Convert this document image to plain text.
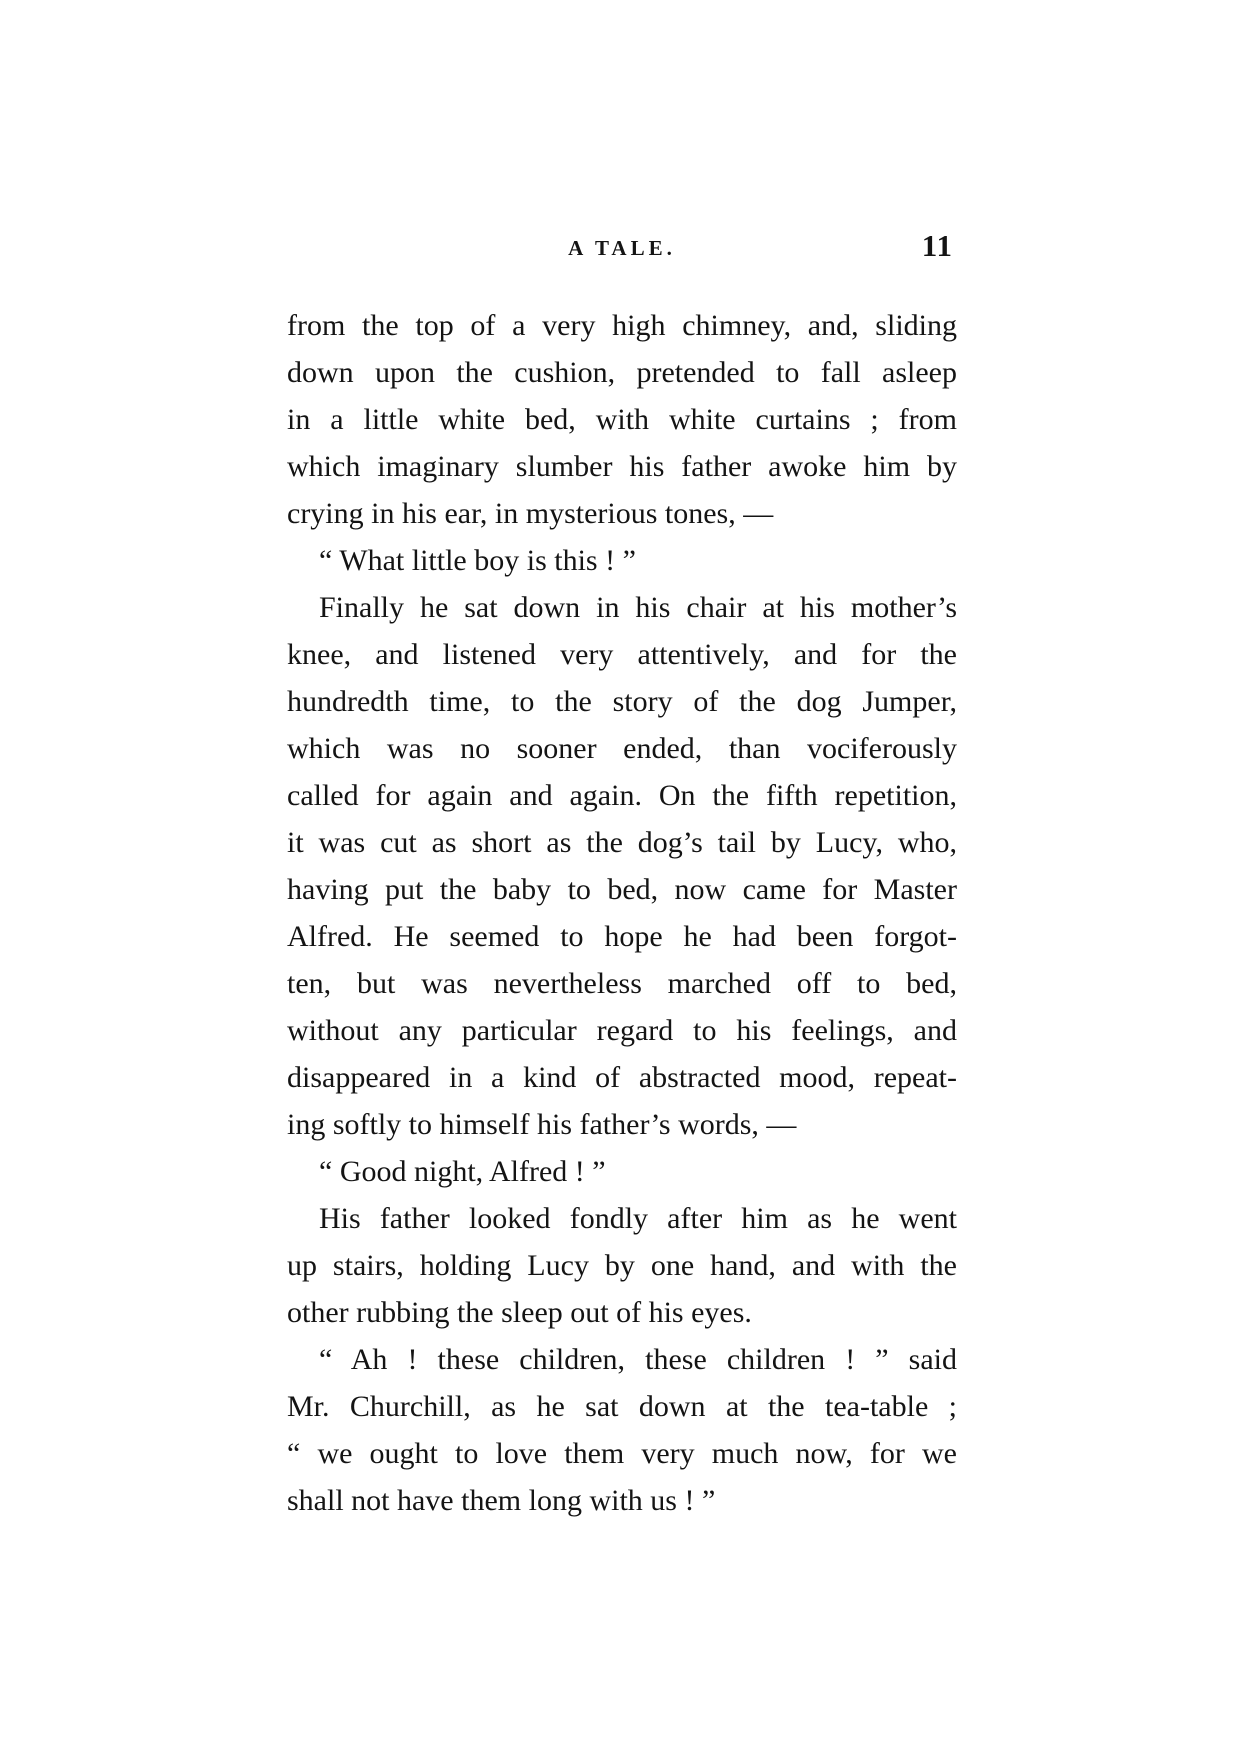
A TALE.	11
from the top of a very high chimney, and, sliding
down upon the cushion, pretended to fall asleep
in a little white bed, with white curtains ; from
which imaginary slumber his father awoke him by
crying in his ear, in mysterious tones, —
“ What little boy is this ! ”
Finally he sat down in his chair at his mother’s
knee, and listened very attentively, and for the
hundredth time, to the story of the dog Jumper,
which was no sooner ended, than vociferously
called for again and again. On the fifth repetition,
it was cut as short as the dog’s tail by Lucy, who,
having put the baby to bed, now came for Master
Alfred. He seemed to hope he had been forgot-
ten, but was nevertheless marched off to bed,
without any particular regard to his feelings, and
disappeared in a kind of abstracted mood, repeat-
ing softly to himself his father’s words, —
“ Good night, Alfred ! ”
His father looked fondly after him as he went
up stairs, holding Lucy by one hand, and with the
other rubbing the sleep out of his eyes.
“ Ah ! these children, these children ! ” said
Mr. Churchill, as he sat down at the tea-table ;
“ we ought to love them very much now, for we
shall not have them long with us ! ”
